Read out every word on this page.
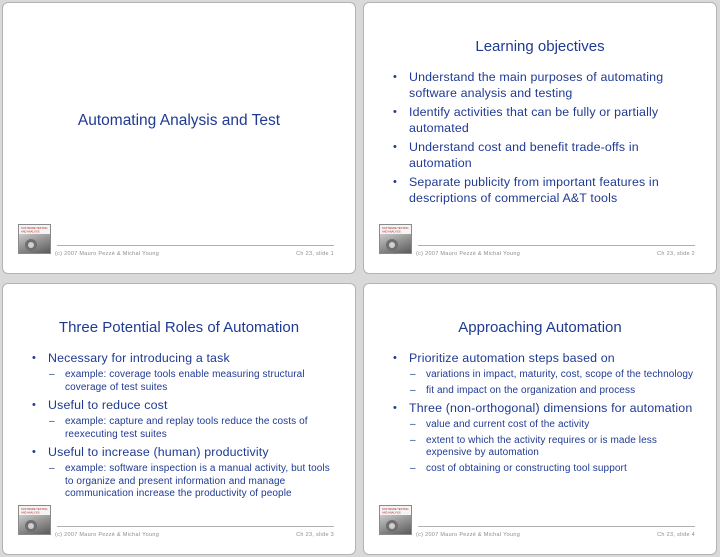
Automating Analysis and Test
SOFTWARE TESTING
AND ANALYSIS
(c) 2007 Mauro Pezzè & Michal Young	Ch 23, slide 1
Learning objectives
• Understand the main purposes of automating software analysis and testing
• Identify activities that can be fully or partially automated
• Understand cost and benefit trade-offs in automation
• Separate publicity from important features in descriptions of commercial A&T tools
SOFTWARE TESTING
AND ANALYSIS
(c) 2007 Mauro Pezzè & Michal Young	Ch 23, slide 2
Three Potential Roles of Automation
• Necessary for introducing a task
– example: coverage tools enable measuring structural coverage of test suites
• Useful to reduce cost
– example: capture and replay tools reduce the costs of reexecuting test suites
• Useful to increase (human) productivity
– example: software inspection is a manual activity, but tools to organize and present information and manage communication increase the productivity of people
SOFTWARE TESTING
AND ANALYSIS
(c) 2007 Mauro Pezzè & Michal Young	Ch 23, slide 3
Approaching Automation
• Prioritize automation steps based on
– variations in impact, maturity, cost, scope of the technology
– fit and impact on the organization and process
• Three (non-orthogonal) dimensions for automation
– value and current cost of the activity
– extent to which the activity requires or is made less expensive by automation
– cost of obtaining or constructing tool support
SOFTWARE TESTING
AND ANALYSIS
(c) 2007 Mauro Pezzè & Michal Young	Ch 23, slide 4
